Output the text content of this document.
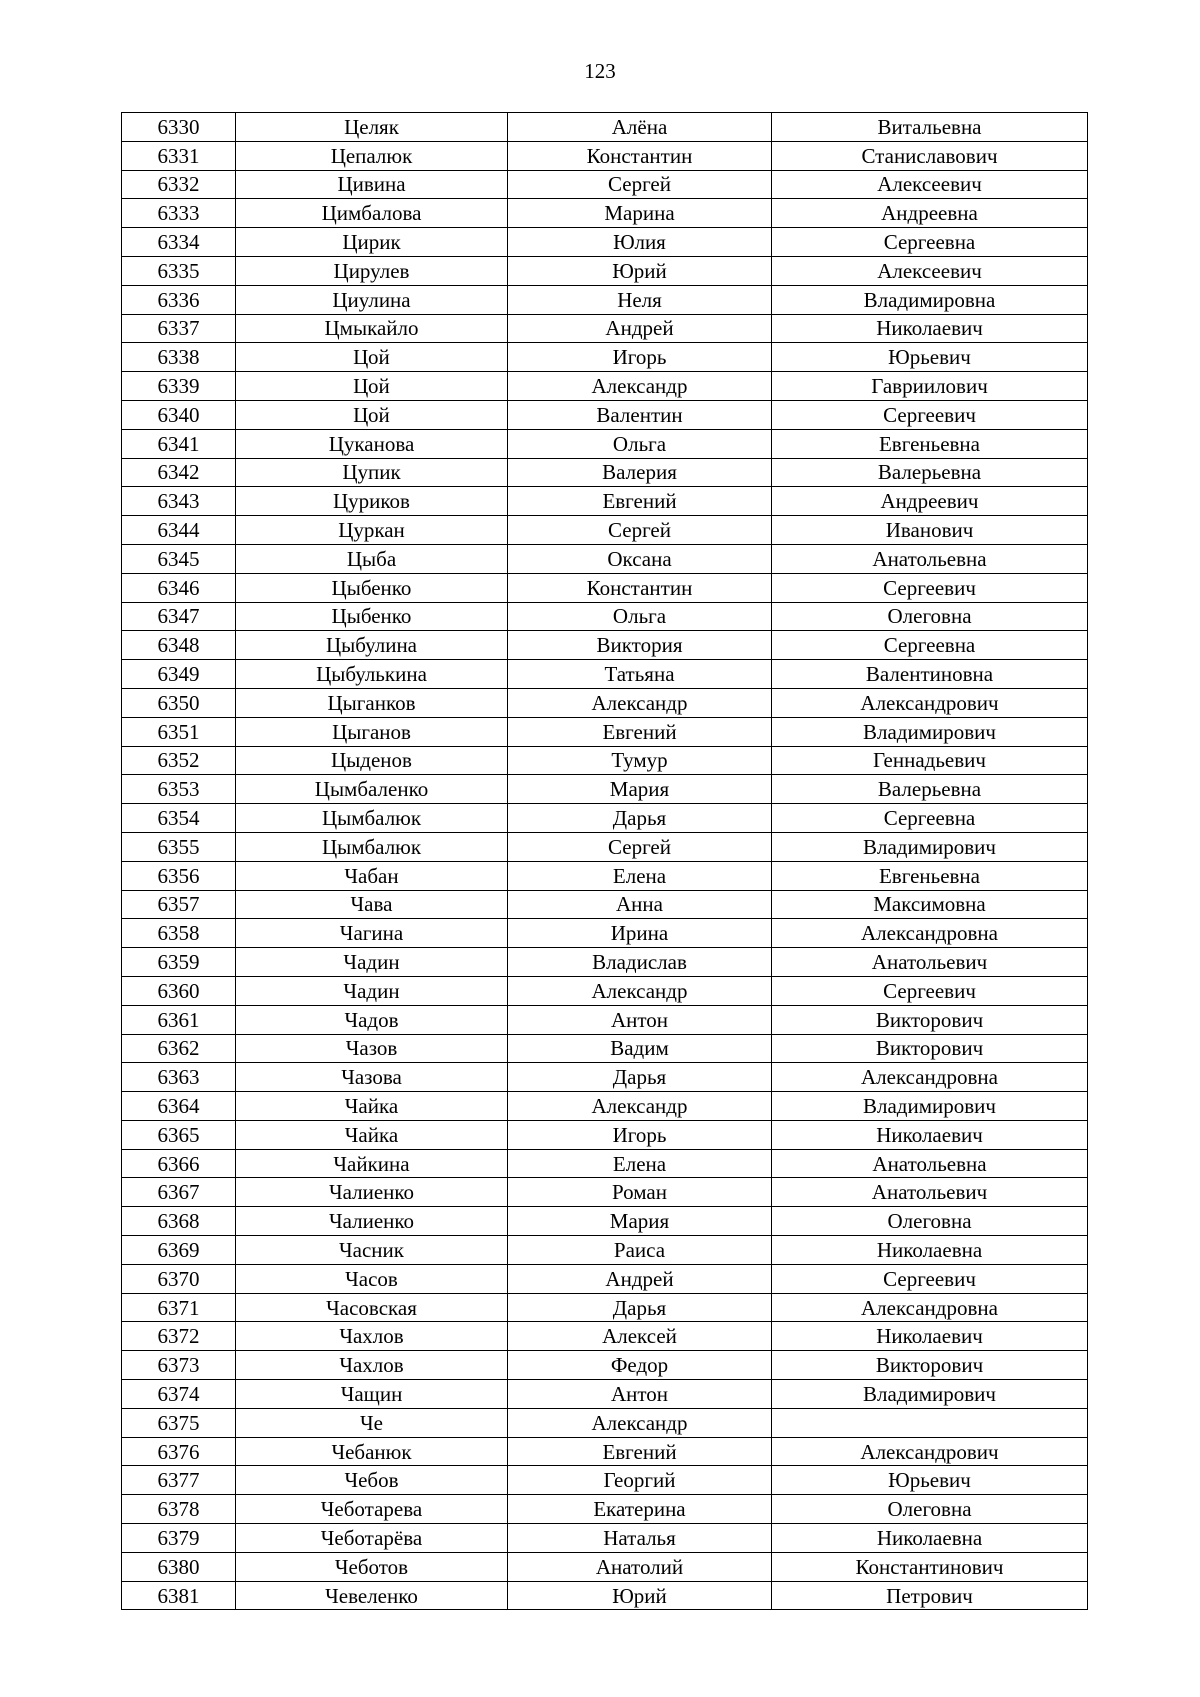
123
6330	Целяк	Алёна	Витальевна
6331	Цепалюк	Константин	Станиславович
6332	Цивина	Сергей	Алексеевич
6333	Цимбалова	Марина	Андреевна
6334	Цирик	Юлия	Сергеевна
6335	Цирулев	Юрий	Алексеевич
6336	Циулина	Неля	Владимировна
6337	Цмыкайло	Андрей	Николаевич
6338	Цой	Игорь	Юрьевич
6339	Цой	Александр	Гавриилович
6340	Цой	Валентин	Сергеевич
6341	Цуканова	Ольга	Евгеньевна
6342	Цупик	Валерия	Валерьевна
6343	Цуриков	Евгений	Андреевич
6344	Цуркан	Сергей	Иванович
6345	Цыба	Оксана	Анатольевна
6346	Цыбенко	Константин	Сергеевич
6347	Цыбенко	Ольга	Олеговна
6348	Цыбулина	Виктория	Сергеевна
6349	Цыбулькина	Татьяна	Валентиновна
6350	Цыганков	Александр	Александрович
6351	Цыганов	Евгений	Владимирович
6352	Цыденов	Тумур	Геннадьевич
6353	Цымбаленко	Мария	Валерьевна
6354	Цымбалюк	Дарья	Сергеевна
6355	Цымбалюк	Сергей	Владимирович
6356	Чабан	Елена	Евгеньевна
6357	Чава	Анна	Максимовна
6358	Чагина	Ирина	Александровна
6359	Чадин	Владислав	Анатольевич
6360	Чадин	Александр	Сергеевич
6361	Чадов	Антон	Викторович
6362	Чазов	Вадим	Викторович
6363	Чазова	Дарья	Александровна
6364	Чайка	Александр	Владимирович
6365	Чайка	Игорь	Николаевич
6366	Чайкина	Елена	Анатольевна
6367	Чалиенко	Роман	Анатольевич
6368	Чалиенко	Мария	Олеговна
6369	Часник	Раиса	Николаевна
6370	Часов	Андрей	Сергеевич
6371	Часовская	Дарья	Александровна
6372	Чахлов	Алексей	Николаевич
6373	Чахлов	Федор	Викторович
6374	Чащин	Антон	Владимирович
6375	Че	Александр	
6376	Чебанюк	Евгений	Александрович
6377	Чебов	Георгий	Юрьевич
6378	Чеботарева	Екатерина	Олеговна
6379	Чеботарёва	Наталья	Николаевна
6380	Чеботов	Анатолий	Константинович
6381	Чевеленко	Юрий	Петрович
